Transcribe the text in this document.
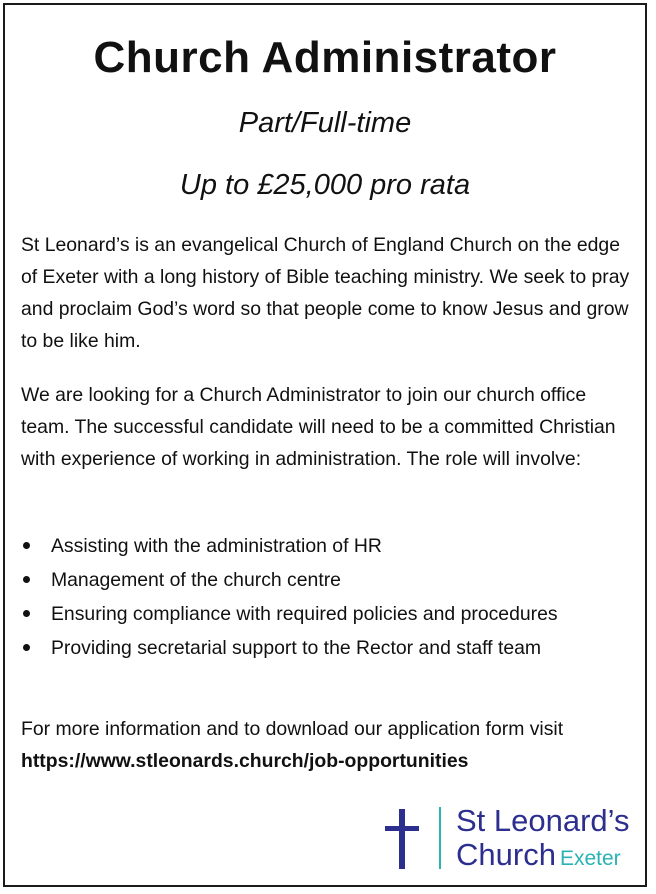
Church Administrator
Part/Full-time
Up to £25,000 pro rata

St Leonard’s is an evangelical Church of England Church on the edge of Exeter with a long history of Bible teaching ministry. We seek to pray and proclaim God’s word so that people come to know Jesus and grow to be like him.

We are looking for a Church Administrator to join our church office team. The successful candidate will need to be a committed Christian with experience of working in administration. The role will involve:

Assisting with the administration of HR
Management of the church centre
Ensuring compliance with required policies and procedures
Providing secretarial support to the Rector and staff team

For more information and to download our application form visit https://www.stleonards.church/job-opportunities

St Leonard’s
Church Exeter
